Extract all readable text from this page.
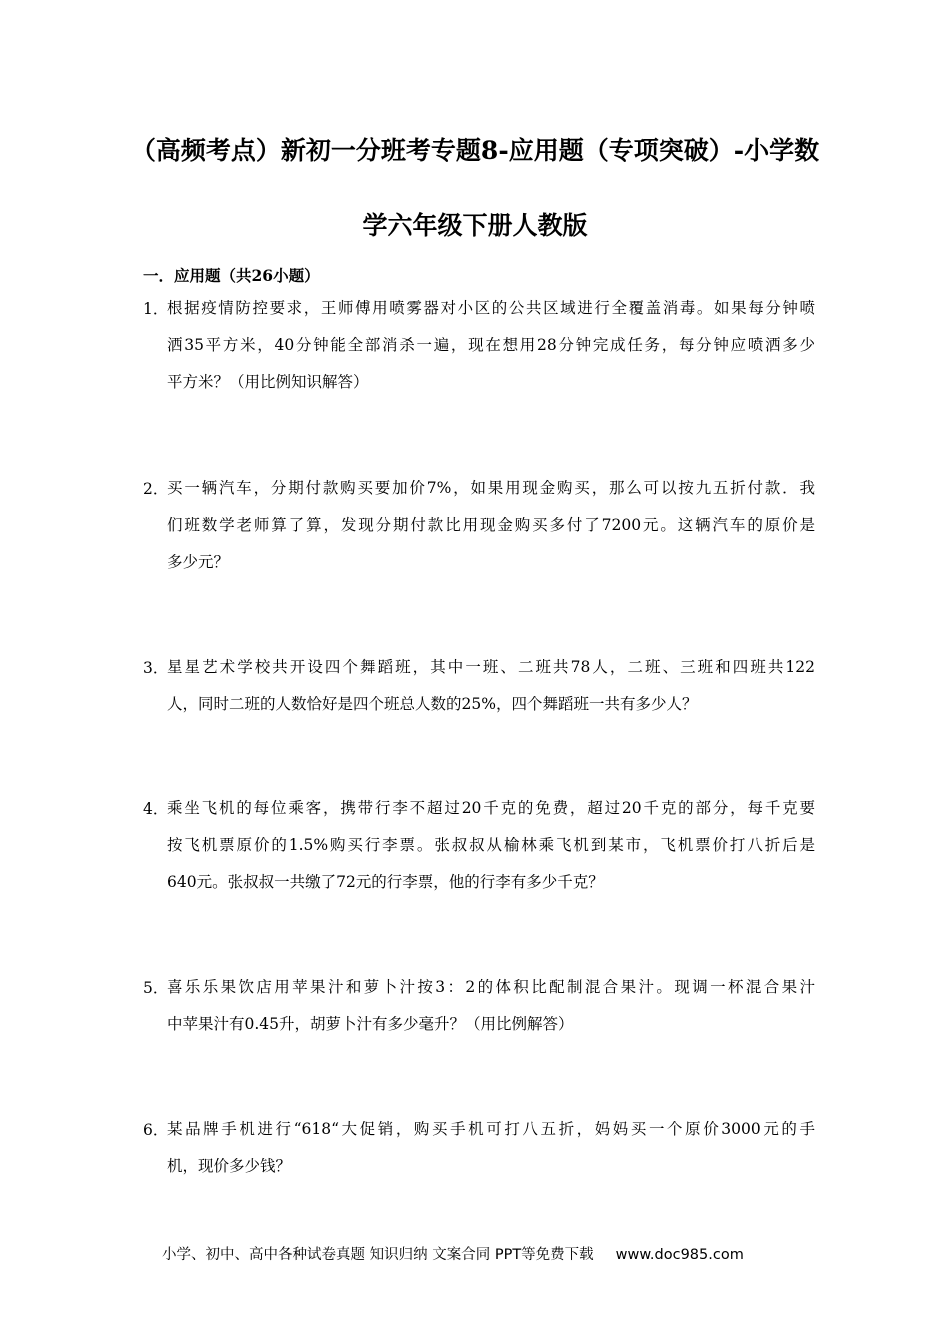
（高频考点）新初一分班考专题8-应用题（专项突破）-小学数
学六年级下册人教版

一．应用题（共26小题）

1．
根据疫情防控要求，王师傅用喷雾器对小区的公共区域进行全覆盖消毒。如果每分钟喷
洒35平方米，40分钟能全部消杀一遍，现在想用28分钟完成任务，每分钟应喷洒多少
平方米？（用比例知识解答）
2．
买一辆汽车，分期付款购买要加价7%，如果用现金购买，那么可以按九五折付款．我
们班数学老师算了算，发现分期付款比用现金购买多付了7200元。这辆汽车的原价是
多少元？
3．
星星艺术学校共开设四个舞蹈班，其中一班、二班共78人，二班、三班和四班共122
人，同时二班的人数恰好是四个班总人数的25%，四个舞蹈班一共有多少人？
4．
乘坐飞机的每位乘客，携带行李不超过20千克的免费，超过20千克的部分，每千克要
按飞机票原价的1.5%购买行李票。张叔叔从榆林乘飞机到某市，飞机票价打八折后是
640元。张叔叔一共缴了72元的行李票，他的行李有多少千克？
5．
喜乐乐果饮店用苹果汁和萝卜汁按3：2的体积比配制混合果汁。现调一杯混合果汁
中苹果汁有0.45升，胡萝卜汁有多少毫升？（用比例解答）
6．
某品牌手机进行“618“大促销，购买手机可打八五折，妈妈买一个原价3000元的手
机，现价多少钱？
小学、初中、高中各种试卷真题 知识归纳 文案合同 PPT等免费下载 www.doc985.com
